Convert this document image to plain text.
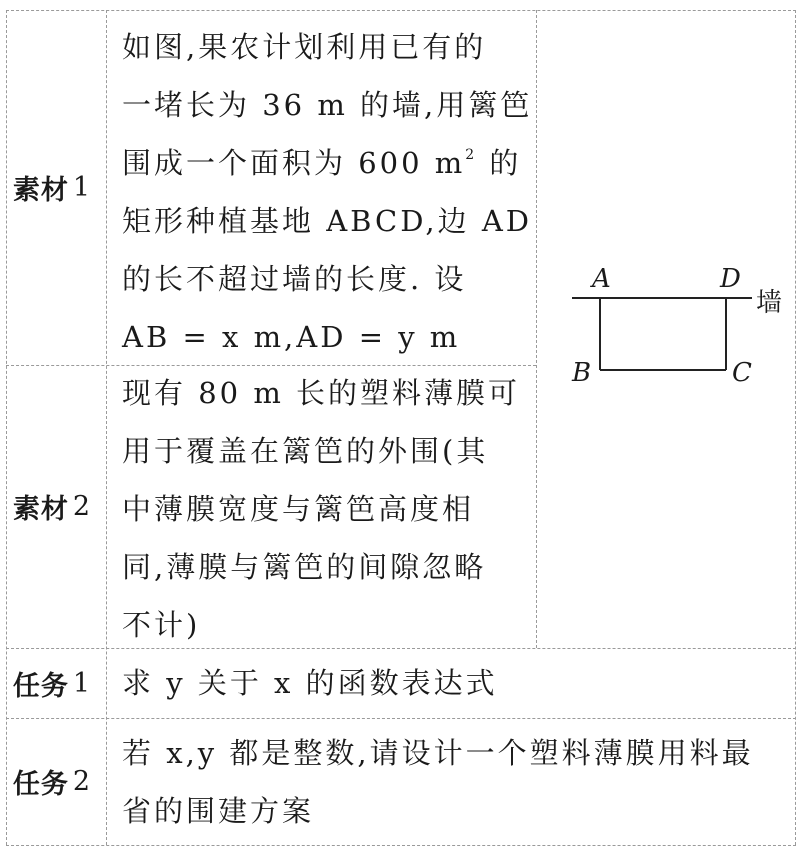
素材 1
如图,果农计划利用已有的
一堵长为 36 m 的墙,用篱笆
围成一个面积为 600 $m^2$ 的
矩形种植基地 ABCD,边 AD
的长不超过墙的长度. 设
AB = x m,AD = y m
素材 2
现有 80 m 长的塑料薄膜可
用于覆盖在篱笆的外围(其
中薄膜宽度与篱笆高度相
同,薄膜与篱笆的间隙忽略
不计)
A	D
B	C
墙
任务 1 求 y 关于 x 的函数表达式
任务 2
若 x,y 都是整数,请设计一个塑料薄膜用料最
省的围建方案
